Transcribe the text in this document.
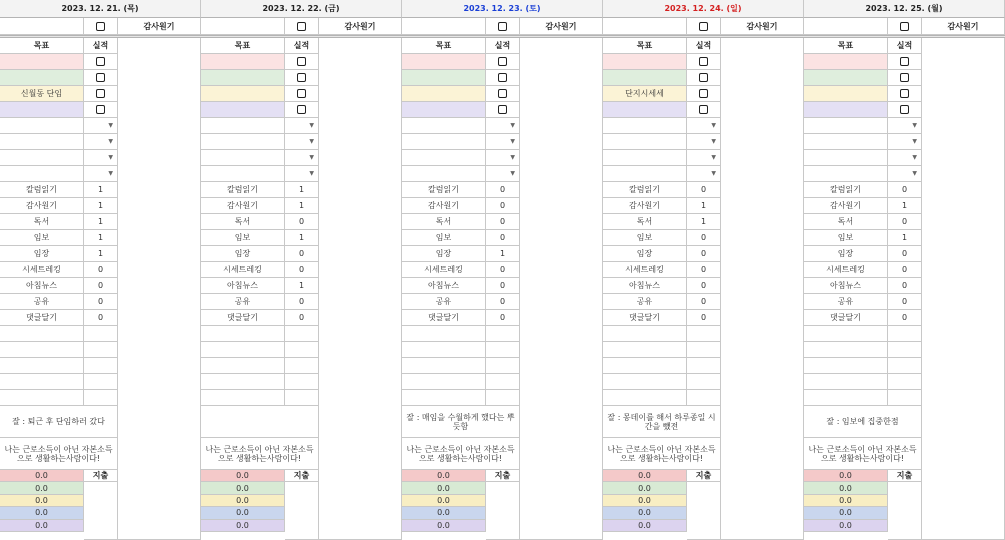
2023. 12. 21. (목)
감사원기
목표	실적
신월동 단임
▼
▼
▼
▼
칼럼읽기	1
감사원기	1
독서	1
임보	1
임장	1
시세트레킹	0
아침뉴스	0
공유	0
댓글달기	0
잘 : 퇴근 후 단임하러 갔다
나는 근로소득이 아닌 자본소득으로 생활하는사람이다!
0.0
0.0
0.0
0.0
0.0
지출
2023. 12. 22. (금)
감사원기
목표	실적
▼
▼
▼
▼
칼럼읽기	1
감사원기	1
독서	0
임보	1
임장	0
시세트레킹	0
아침뉴스	1
공유	0
댓글달기	0
나는 근로소득이 아닌 자본소득으로 생활하는사람이다!
0.0
0.0
0.0
0.0
0.0
지출
2023. 12. 23. (토)
감사원기
목표	실적
▼
▼
▼
▼
칼럼읽기	0
감사원기	0
독서	0
임보	0
임장	1
시세트레킹	0
아침뉴스	0
공유	0
댓글달기	0
잘 : 매임을 수월하게 했다는 뿌듯함
나는 근로소득이 아닌 자본소득으로 생활하는사람이다!
0.0
0.0
0.0
0.0
0.0
지출
2023. 12. 24. (일)
감사원기
목표	실적
단지시세세
▼
▼
▼
▼
칼럼읽기	0
감사원기	1
독서	1
임보	0
임장	0
시세트레킹	0
아침뉴스	0
공유	0
댓글달기	0
잘 : 몽데이를 해서 하루종일 시간을 뻈전
나는 근로소득이 아닌 자본소득으로 생활하는사람이다!
0.0
0.0
0.0
0.0
0.0
지출
2023. 12. 25. (월)
감사원기
목표	실적
▼
▼
▼
▼
칼럼읽기	0
감사원기	1
독서	0
임보	1
임장	0
시세트레킹	0
아침뉴스	0
공유	0
댓글달기	0
잘 : 임보에 집중한점
나는 근로소득이 아닌 자본소득으로 생활하는사람이다!
0.0
0.0
0.0
0.0
0.0
지출
